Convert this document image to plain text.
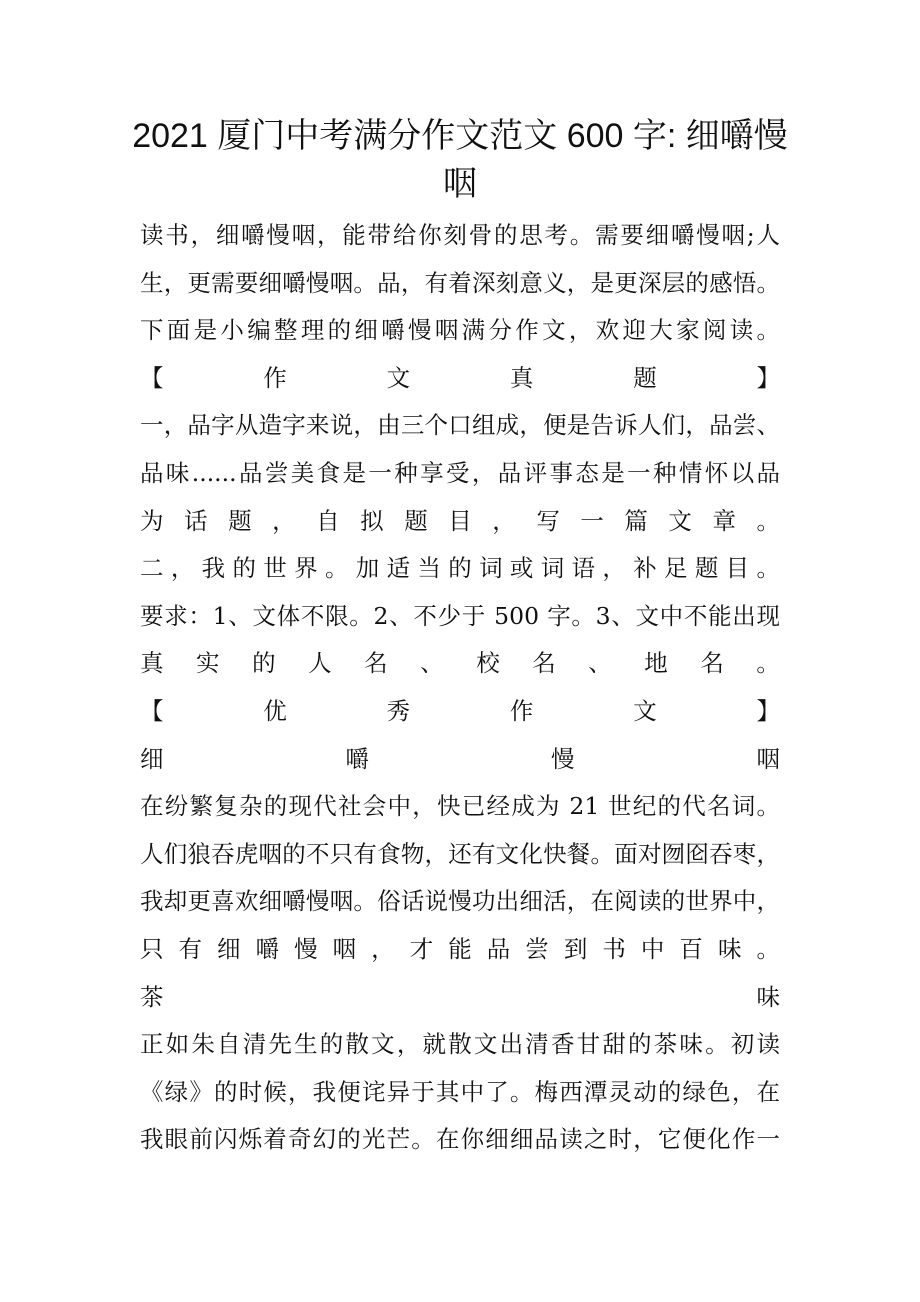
2021 厦门中考满分作文范文 600 字: 细嚼慢
咽
读书，细嚼慢咽，能带给你刻骨的思考。需要细嚼慢咽;人
生，更需要细嚼慢咽。品，有着深刻意义，是更深层的感悟。
下面是小编整理的细嚼慢咽满分作文，欢迎大家阅读。
【作文真题】
一，品字从造字来说，由三个口组成，便是告诉人们，品尝、
品味......品尝美食是一种享受，品评事态是一种情怀以品
为话题，自拟题目，写一篇文章。
二，我的世界。加适当的词或词语，补足题目。
要求：1、文体不限。2、不少于 500 字。3、文中不能出现
真 实 的 人 名 、 校 名 、 地 名 。
【优秀作文】
细	嚼	慢	咽
在纷繁复杂的现代社会中，快已经成为 21 世纪的代名词。
人们狼吞虎咽的不只有食物，还有文化快餐。面对囫囵吞枣，
我却更喜欢细嚼慢咽。俗话说慢功出细活，在阅读的世界中，
只有细嚼慢咽，才能品尝到书中百味。
茶	味
正如朱自清先生的散文，就散文出清香甘甜的茶味。初读
《绿》的时候，我便诧异于其中了。梅西潭灵动的绿色，在
我眼前闪烁着奇幻的光芒。在你细细品读之时，它便化作一
